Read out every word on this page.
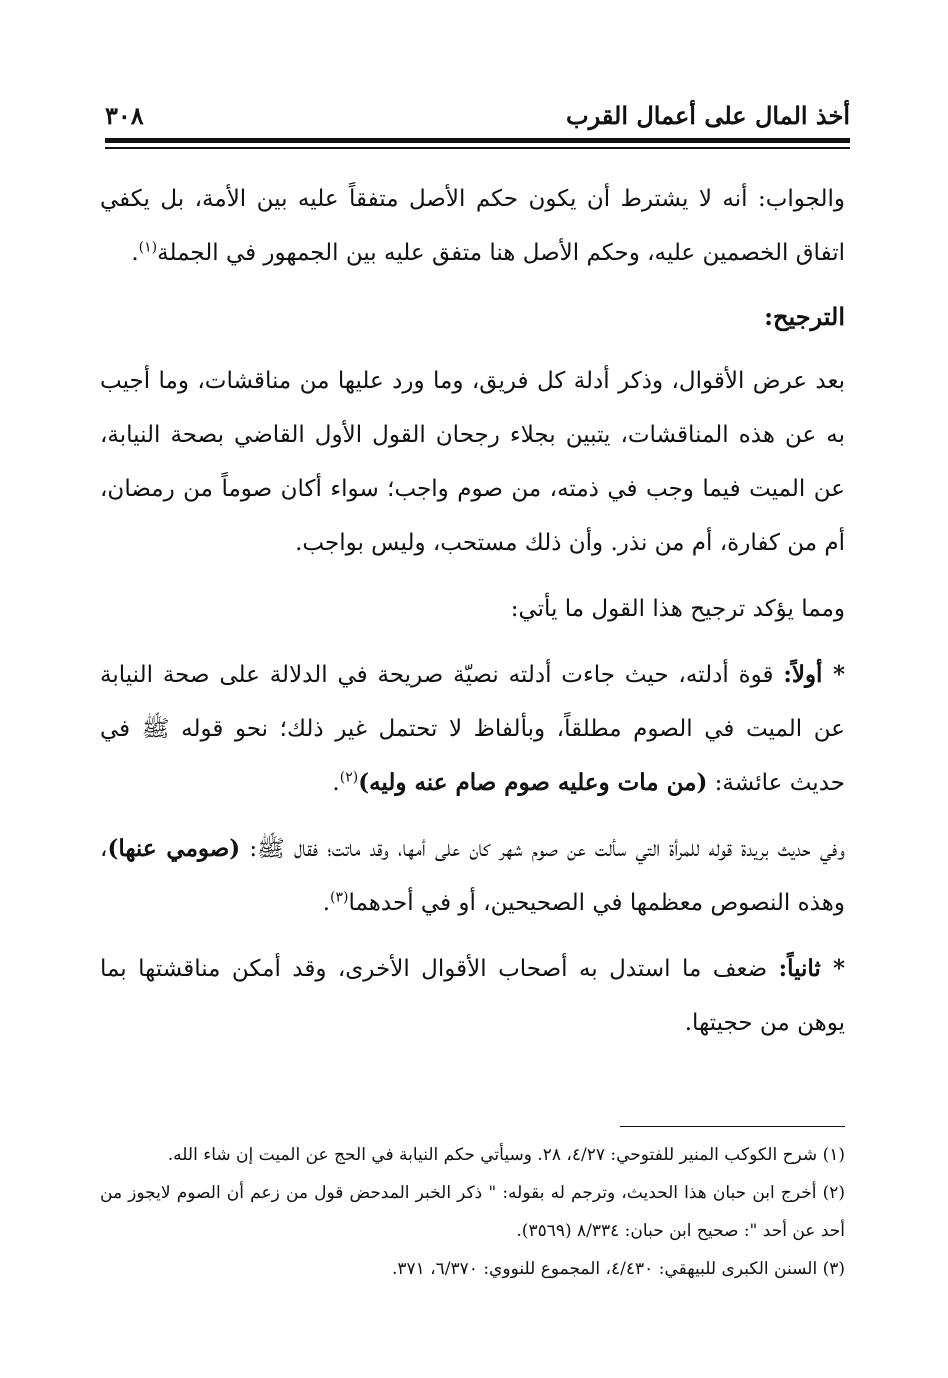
أخذ المال على أعمال القرب
٣٠٨

والجواب: أنه لا يشترط أن يكون حكم الأصل متفقاً عليه بين الأمة، بل يكفي اتفاق الخصمين عليه، وحكم الأصل هنا متفق عليه بين الجمهور في الجملة$^{(١)}$.

الترجيح:

بعد عرض الأقوال، وذكر أدلة كل فريق، وما ورد عليها من مناقشات، وما أجيب به عن هذه المناقشات، يتبين بجلاء رجحان القول الأول القاضي بصحة النيابة، عن الميت فيما وجب في ذمته، من صوم واجب؛ سواء أكان صوماً من رمضان، أم من كفارة، أم من نذر. وأن ذلك مستحب، وليس بواجب.

ومما يؤكد ترجيح هذا القول ما يأتي:

* أولاً: قوة أدلته، حيث جاءت أدلته نصيّة صريحة في الدلالة على صحة النيابة عن الميت في الصوم مطلقاً، وبألفاظ لا تحتمل غير ذلك؛ نحو قوله ﷺ في حديث عائشة: (من مات وعليه صوم صام عنه وليه)$^{(٢)}$.

وفي حديث بريدة قوله للمرأة التي سألت عن صوم شهر كان على أمها، وقد ماتت؛ فقال ﷺ: (صومي عنها)، وهذه النصوص معظمها في الصحيحين، أو في أحدهما$^{(٣)}$.

* ثانياً: ضعف ما استدل به أصحاب الأقوال الأخرى، وقد أمكن مناقشتها بما يوهن من حجيتها.

(١) شرح الكوكب المنير للفتوحي: ٤/٢٧، ٢٨. وسيأتي حكم النيابة في الحج عن الميت إن شاء الله.

(٢) أخرج ابن حبان هذا الحديث، وترجم له بقوله: " ذكر الخبر المدحض قول من زعم أن الصوم لايجوز من أحد عن أحد ": صحيح ابن حبان: ٨/٣٣٤ (٣٥٦٩).

(٣) السنن الكبرى للبيهقي: ٤/٤٣٠، المجموع للنووي: ٦/٣٧٠، ٣٧١.
